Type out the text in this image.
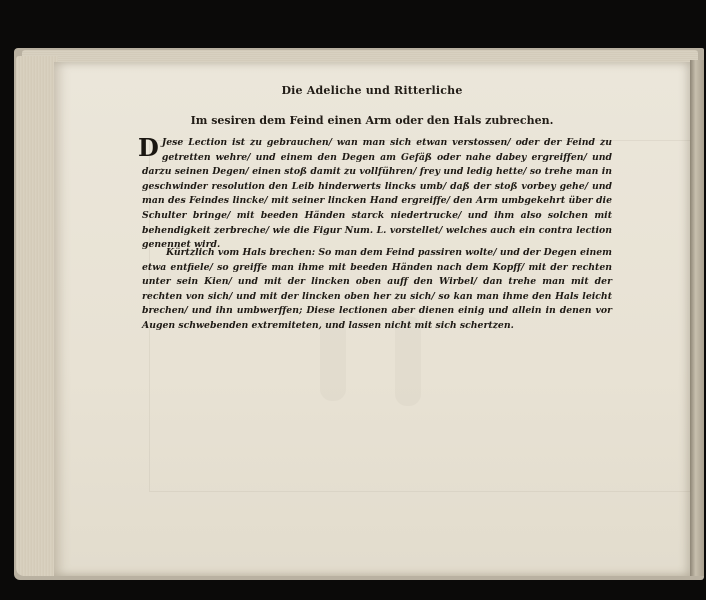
Die Adeliche und Ritterliche
Im sesiren dem Feind einen Arm oder den Hals zubrechen.
D Jese Lection ist zu gebrauchen/ wan man sich etwan verstossen/ oder der Feind zu getretten wehre/ und einem den Degen am Gefäß oder nahe dabey ergreiffen/ und darzu seinen Degen/ einen stoß damit zu vollführen/ frey und ledig hette/ so trehe man in geschwinder resolution den Leib hinderwerts lincks umb/ daß der stoß vorbey gehe/ und man des Feindes lincke/ mit seiner lincken Hand ergreiffe/ den Arm umbgekehrt über die Schulter bringe/ mit beeden Händen starck niedertrucke/ und ihm also solchen mit behendigkeit zerbreche/ wie die Figur Num. L. vorstellet/ welches auch ein contra lection genennet wird.
Kürtzlich vom Hals brechen: So man dem Feind passiren wolte/ und der Degen einem etwa entfiele/ so greiffe man ihme mit beeden Händen nach dem Kopff/ mit der rechten unter sein Kien/ und mit der lincken oben auff den Wirbel/ dan trehe man mit der rechten von sich/ und mit der lincken oben her zu sich/ so kan man ihme den Hals leicht brechen/ und ihn umbwerffen; Diese lectionen aber dienen einig und allein in denen vor Augen schwebenden extremiteten, und lassen nicht mit sich schertzen.
